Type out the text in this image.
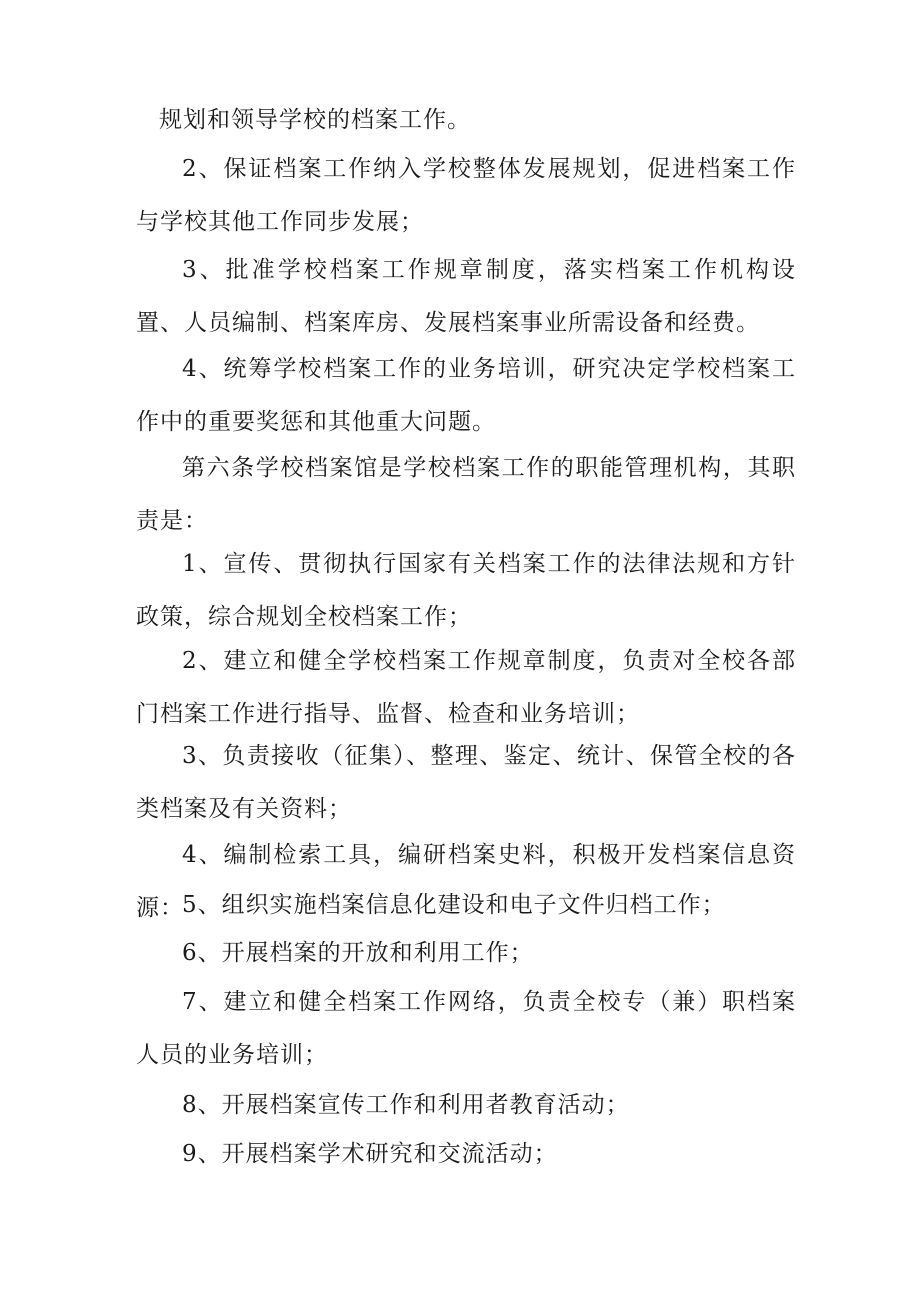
规划和领导学校的档案工作。

2、保证档案工作纳入学校整体发展规划，促进档案工作与学校其他工作同步发展；

3、批准学校档案工作规章制度，落实档案工作机构设置、人员编制、档案库房、发展档案事业所需设备和经费。

4、统筹学校档案工作的业务培训，研究决定学校档案工作中的重要奖惩和其他重大问题。

第六条学校档案馆是学校档案工作的职能管理机构，其职责是：

1、宣传、贯彻执行国家有关档案工作的法律法规和方针政策，综合规划全校档案工作；

2、建立和健全学校档案工作规章制度，负责对全校各部门档案工作进行指导、监督、检查和业务培训；

3、负责接收（征集）、整理、鉴定、统计、保管全校的各类档案及有关资料；

4、编制检索工具，编研档案史料，积极开发档案信息资源：

5、组织实施档案信息化建设和电子文件归档工作；

6、开展档案的开放和利用工作；

7、建立和健全档案工作网络，负责全校专（兼）职档案人员的业务培训；

8、开展档案宣传工作和利用者教育活动；

9、开展档案学术研究和交流活动；
